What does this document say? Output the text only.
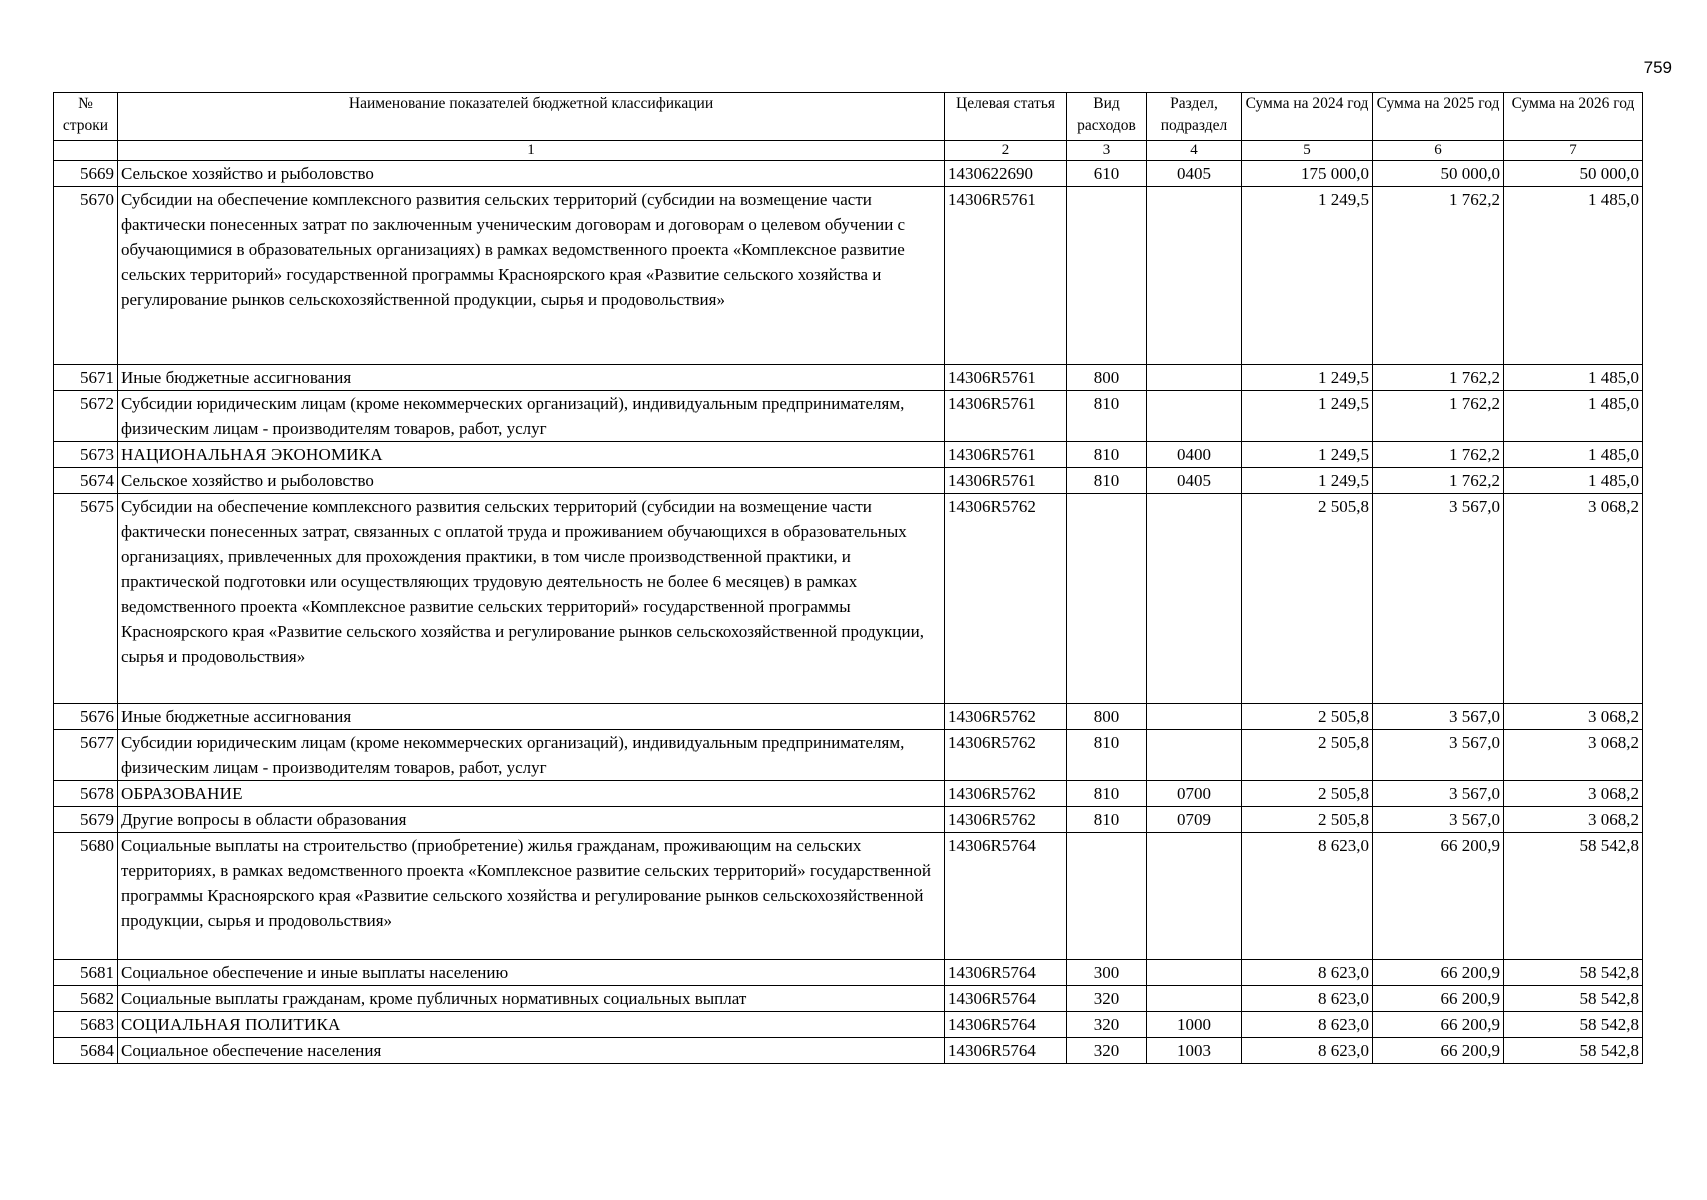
759
№ строки	Наименование показателей бюджетной классификации	Целевая статья	Вид расходов	Раздел, подраздел	Сумма на 2024 год	Сумма на 2025 год	Сумма на 2026 год
	1	2	3	4	5	6	7
5669	Сельское хозяйство и рыболовство	1430622690	610	0405	175 000,0	50 000,0	50 000,0
5670	Субсидии на обеспечение комплексного развития сельских территорий (субсидии на возмещение части фактически понесенных затрат по заключенным ученическим договорам и договорам о целевом обучении с обучающимися в образовательных организациях) в рамках ведомственного проекта «Комплексное развитие сельских территорий» государственной программы Красноярского края «Развитие сельского хозяйства и регулирование рынков сельскохозяйственной продукции, сырья и продовольствия»	14306R5761			1 249,5	1 762,2	1 485,0
5671	Иные бюджетные ассигнования	14306R5761	800		1 249,5	1 762,2	1 485,0
5672	Субсидии юридическим лицам (кроме некоммерческих организаций), индивидуальным предпринимателям, физическим лицам - производителям товаров, работ, услуг	14306R5761	810		1 249,5	1 762,2	1 485,0
5673	НАЦИОНАЛЬНАЯ ЭКОНОМИКА	14306R5761	810	0400	1 249,5	1 762,2	1 485,0
5674	Сельское хозяйство и рыболовство	14306R5761	810	0405	1 249,5	1 762,2	1 485,0
5675	Субсидии на обеспечение комплексного развития сельских территорий (субсидии на возмещение части фактически понесенных затрат, связанных с оплатой труда и проживанием обучающихся в образовательных организациях, привлеченных для прохождения практики, в том числе производственной практики, и практической подготовки или осуществляющих трудовую деятельность не более 6 месяцев) в рамках ведомственного проекта «Комплексное развитие сельских территорий» государственной программы Красноярского края «Развитие сельского хозяйства и регулирование рынков сельскохозяйственной продукции, сырья и продовольствия»	14306R5762			2 505,8	3 567,0	3 068,2
5676	Иные бюджетные ассигнования	14306R5762	800		2 505,8	3 567,0	3 068,2
5677	Субсидии юридическим лицам (кроме некоммерческих организаций), индивидуальным предпринимателям, физическим лицам - производителям товаров, работ, услуг	14306R5762	810		2 505,8	3 567,0	3 068,2
5678	ОБРАЗОВАНИЕ	14306R5762	810	0700	2 505,8	3 567,0	3 068,2
5679	Другие вопросы в области образования	14306R5762	810	0709	2 505,8	3 567,0	3 068,2
5680	Социальные выплаты на строительство (приобретение) жилья гражданам, проживающим на сельских территориях, в рамках ведомственного проекта «Комплексное развитие сельских территорий» государственной программы Красноярского края «Развитие сельского хозяйства и регулирование рынков сельскохозяйственной продукции, сырья и продовольствия»	14306R5764			8 623,0	66 200,9	58 542,8
5681	Социальное обеспечение и иные выплаты населению	14306R5764	300		8 623,0	66 200,9	58 542,8
5682	Социальные выплаты гражданам, кроме публичных нормативных социальных выплат	14306R5764	320		8 623,0	66 200,9	58 542,8
5683	СОЦИАЛЬНАЯ ПОЛИТИКА	14306R5764	320	1000	8 623,0	66 200,9	58 542,8
5684	Социальное обеспечение населения	14306R5764	320	1003	8 623,0	66 200,9	58 542,8
